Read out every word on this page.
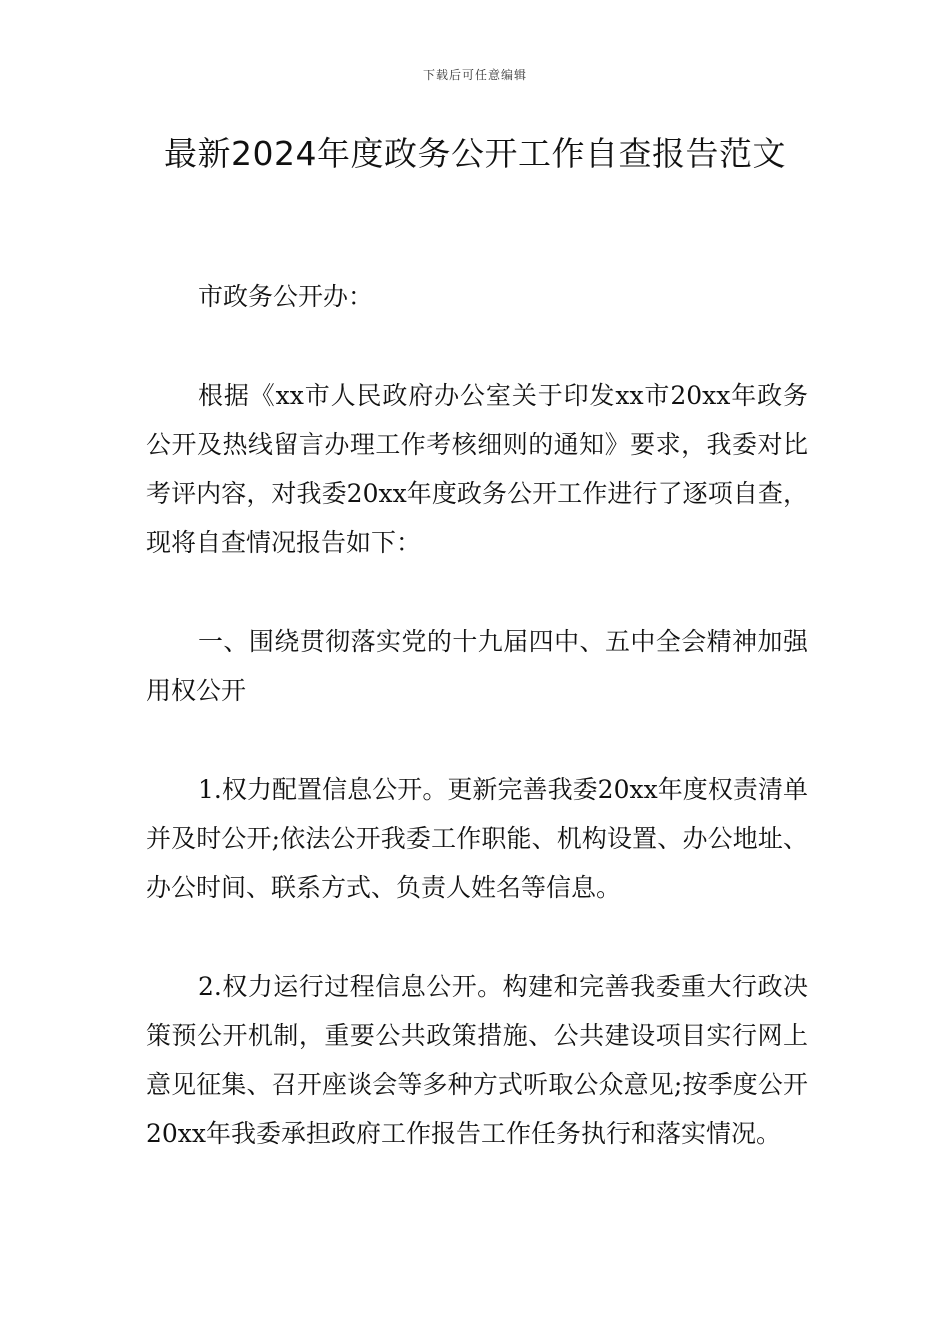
下载后可任意编辑
最新2024年度政务公开工作自查报告范文

市政务公开办：

根据《xx市人民政府办公室关于印发xx市20xx年政务公开及热线留言办理工作考核细则的通知》要求，我委对比考评内容，对我委20xx年度政务公开工作进行了逐项自查，现将自查情况报告如下：

一、围绕贯彻落实党的十九届四中、五中全会精神加强用权公开

1.权力配置信息公开。更新完善我委20xx年度权责清单并及时公开;依法公开我委工作职能、机构设置、办公地址、办公时间、联系方式、负责人姓名等信息。

2.权力运行过程信息公开。构建和完善我委重大行政决策预公开机制，重要公共政策措施、公共建设项目实行网上意见征集、召开座谈会等多种方式听取公众意见;按季度公开20xx年我委承担政府工作报告工作任务执行和落实情况。
